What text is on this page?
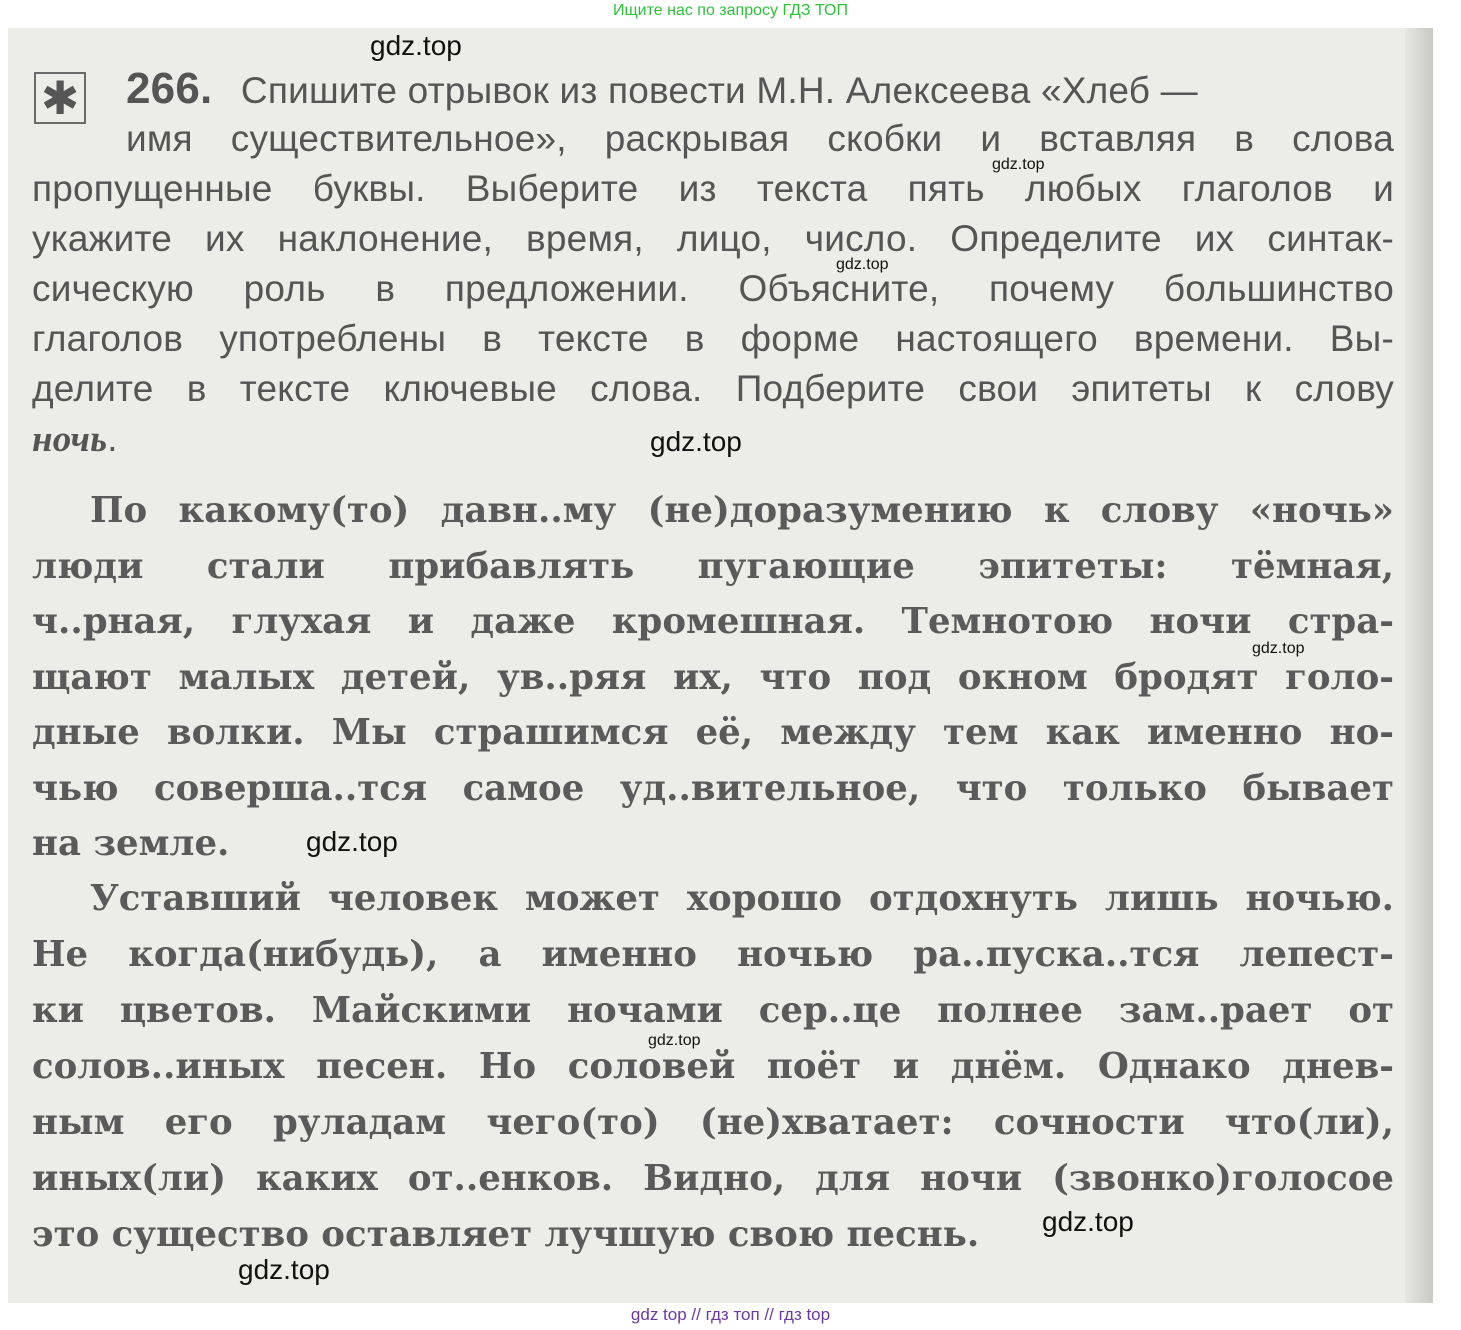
Ищите нас по запросу ГДЗ ТОП
✱ 266. Спишите отрывок из повести М.Н. Алексеева «Хлеб —
имя существительное», раскрывая скобки и вставляя в слова
пропущенные буквы. Выберите из текста пять любых глаголов и
укажите их наклонение, время, лицо, число. Определите их синтак-
сическую роль в предложении. Объясните, почему большинство
глаголов употреблены в тексте в форме настоящего времени. Вы-
делите в тексте ключевые слова. Подберите свои эпитеты к слову
ночь.
По какому(то) давн..му (не)доразумению к слову «ночь»
люди стали прибавлять пугающие эпитеты: тёмная,
ч..рная, глухая и даже кромешная. Темнотою ночи стра-
щают малых детей, ув..ряя их, что под окном бродят голо-
дные волки. Мы страшимся её, между тем как именно но-
чью соверша..тся самое уд..вительное, что только бывает
на земле.
Уставший человек может хорошо отдохнуть лишь ночью.
Не когда(нибудь), а именно ночью ра..пуска..тся лепест-
ки цветов. Майскими ночами сер..це полнее зам..рает от
солов..иных песен. Но соловей поёт и днём. Однако днев-
ным его руладам чего(то) (не)хватает: сочности что(ли),
иных(ли) каких от..енков. Видно, для ночи (звонко)голосое
это существо оставляет лучшую свою песнь.
gdz.top
gdz.top
gdz.top
gdz.top
gdz.top
gdz.top
gdz.top
gdz.top
gdz.top
gdz top // гдз топ // гдз top
